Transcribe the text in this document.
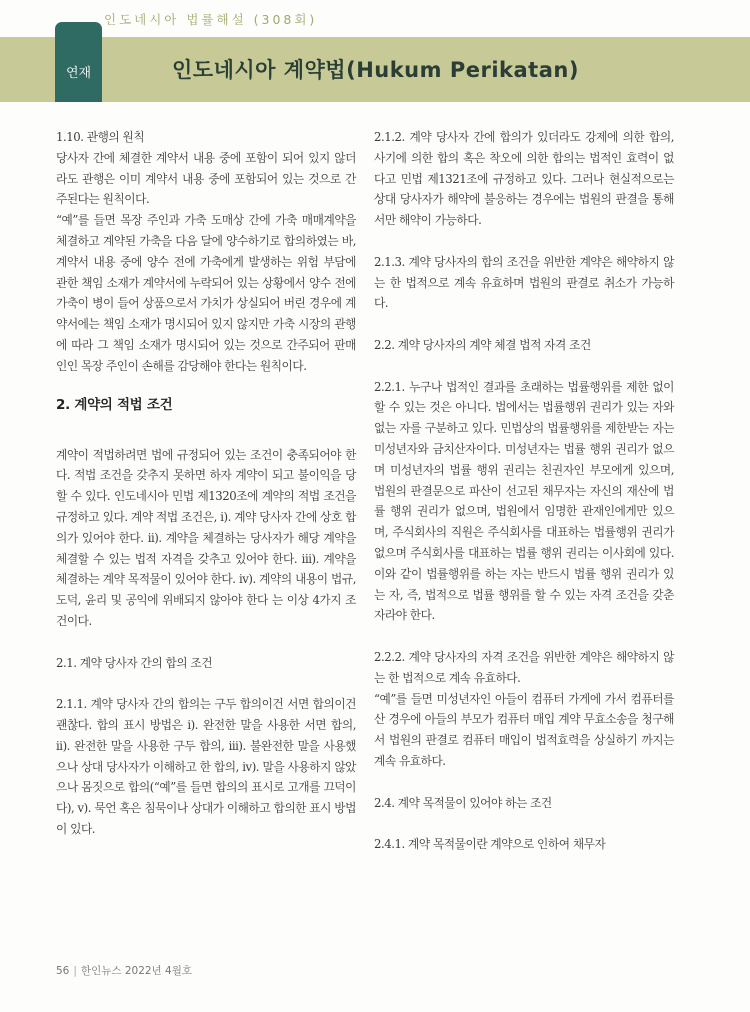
인도네시아 법률해설 (308회)
연재	인도네시아 계약법(Hukum Perikatan)

1.10. 관행의 원칙

당사자 간에 체결한 계약서 내용 중에 포함이 되어 있지 않더라도 관행은 이미 계약서 내용 중에 포함되어 있는 것으로 간주된다는 원칙이다.

“예”를 들면 목장 주인과 가축 도매상 간에 가축 매매계약을 체결하고 계약된 가축을 다음 달에 양수하기로 합의하였는 바, 계약서 내용 중에 양수 전에 가축에게 발생하는 위험 부담에 관한 책임 소재가 계약서에 누락되어 있는 상황에서 양수 전에 가축이 병이 들어 상품으로서 가치가 상실되어 버린 경우에 계약서에는 책임 소재가 명시되어 있지 않지만 가축 시장의 관행에 따라 그 책임 소재가 명시되어 있는 것으로 간주되어 판매인인 목장 주인이 손해를 감당해야 한다는 원칙이다.

2. 계약의 적법 조건

계약이 적법하려면 법에 규정되어 있는 조건이 충족되어야 한다. 적법 조건을 갖추지 못하면 하자 계약이 되고 불이익을 당할 수 있다. 인도네시아 민법 제1320조에 계약의 적법 조건을 규정하고 있다. 계약 적법 조건은, i). 계약 당사자 간에 상호 합의가 있어야 한다. ii). 계약을 체결하는 당사자가 해당 계약을 체결할 수 있는 법적 자격을 갖추고 있어야 한다. iii). 계약을 체결하는 계약 목적물이 있어야 한다. iv). 계약의 내용이 법규, 도덕, 윤리 및 공익에 위배되지 않아야 한다 는 이상 4가지 조건이다.

2.1. 계약 당사자 간의 합의 조건

2.1.1. 계약 당사자 간의 합의는 구두 합의이건 서면 합의이건 괜찮다. 합의 표시 방법은 i). 완전한 말을 사용한 서면 합의, ii). 완전한 말을 사용한 구두 합의, iii). 불완전한 말을 사용했으나 상대 당사자가 이해하고 한 합의, iv). 말을 사용하지 않았으나 몸짓으로 합의(“예”를 들면 합의의 표시로 고개를 끄덕이다), v). 묵언 혹은 침묵이나 상대가 이해하고 합의한 표시 방법이 있다.

2.1.2. 계약 당사자 간에 합의가 있더라도 강제에 의한 합의, 사기에 의한 합의 혹은 착오에 의한 합의는 법적인 효력이 없다고 민법 제1321조에 규정하고 있다. 그러나 현실적으로는 상대 당사자가 해약에 불응하는 경우에는 법원의 판결을 통해서만 해약이 가능하다.

2.1.3. 계약 당사자의 합의 조건을 위반한 계약은 해약하지 않는 한 법적으로 계속 유효하며 법원의 판결로 취소가 가능하다.

2.2. 계약 당사자의 계약 체결 법적 자격 조건

2.2.1. 누구나 법적인 결과를 초래하는 법률행위를 제한 없이 할 수 있는 것은 아니다. 법에서는 법률행위 권리가 있는 자와 없는 자를 구분하고 있다. 민법상의 법률행위를 제한받는 자는 미성년자와 금치산자이다. 미성년자는 법률 행위 권리가 없으며 미성년자의 법률 행위 권리는 친권자인 부모에게 있으며, 법원의 판결문으로 파산이 선고된 채무자는 자신의 재산에 법률 행위 권리가 없으며, 법원에서 임명한 관재인에게만 있으며, 주식회사의 직원은 주식회사를 대표하는 법률행위 권리가 없으며 주식회사를 대표하는 법률 행위 권리는 이사회에 있다. 이와 같이 법률행위를 하는 자는 반드시 법률 행위 권리가 있는 자, 즉, 법적으로 법률 행위를 할 수 있는 자격 조건을 갖춘 자라야 한다.

2.2.2. 계약 당사자의 자격 조건을 위반한 계약은 해약하지 않는 한 법적으로 계속 유효하다.

“예”를 들면 미성년자인 아들이 컴퓨터 가게에 가서 컴퓨터를 산 경우에 아들의 부모가 컴퓨터 매입 계약 무효소송을 청구해서 법원의 판결로 컴퓨터 매입이 법적효력을 상실하기 까지는 계속 유효하다.

2.4. 계약 목적물이 있어야 하는 조건

2.4.1. 계약 목적물이란 계약으로 인하여 채무자

56 | 한인뉴스 2022년 4월호
